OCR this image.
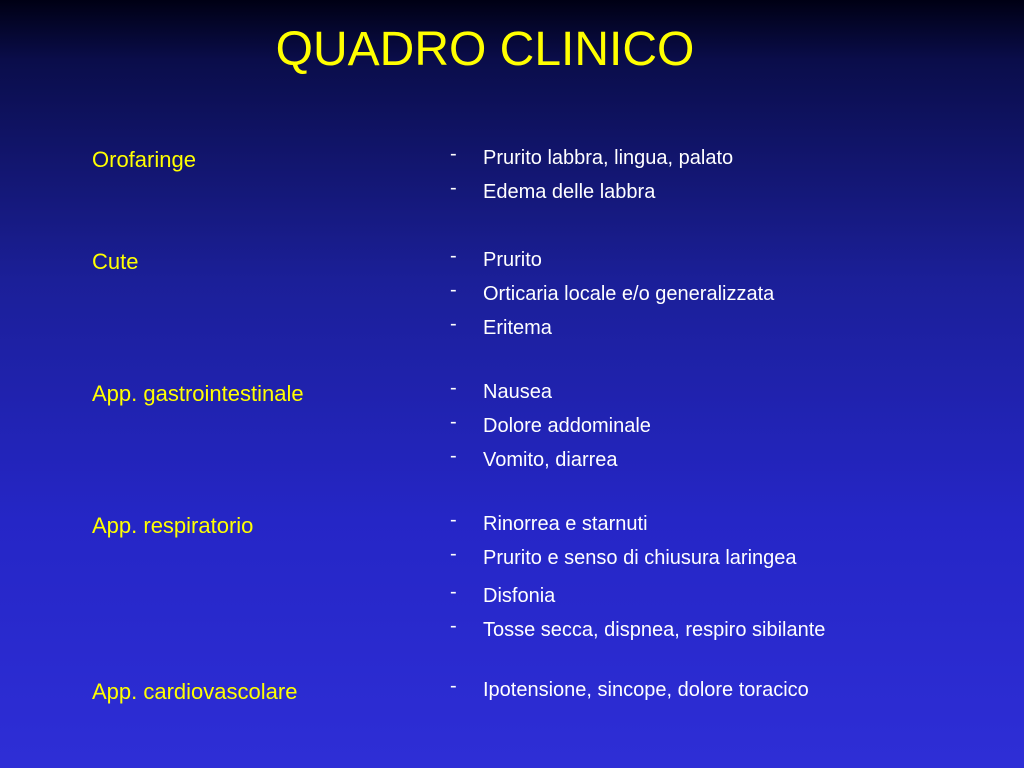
QUADRO CLINICO
Orofaringe	- Prurito labbra, lingua, palato
- Edema delle labbra
Cute	- Prurito
- Orticaria locale e/o generalizzata
- Eritema
App. gastrointestinale	- Nausea
- Dolore addominale
- Vomito, diarrea
App. respiratorio	- Rinorrea e starnuti
- Prurito e senso di chiusura laringea
- Disfonia
- Tosse secca, dispnea, respiro sibilante
App. cardiovascolare	- Ipotensione, sincope, dolore toracico
